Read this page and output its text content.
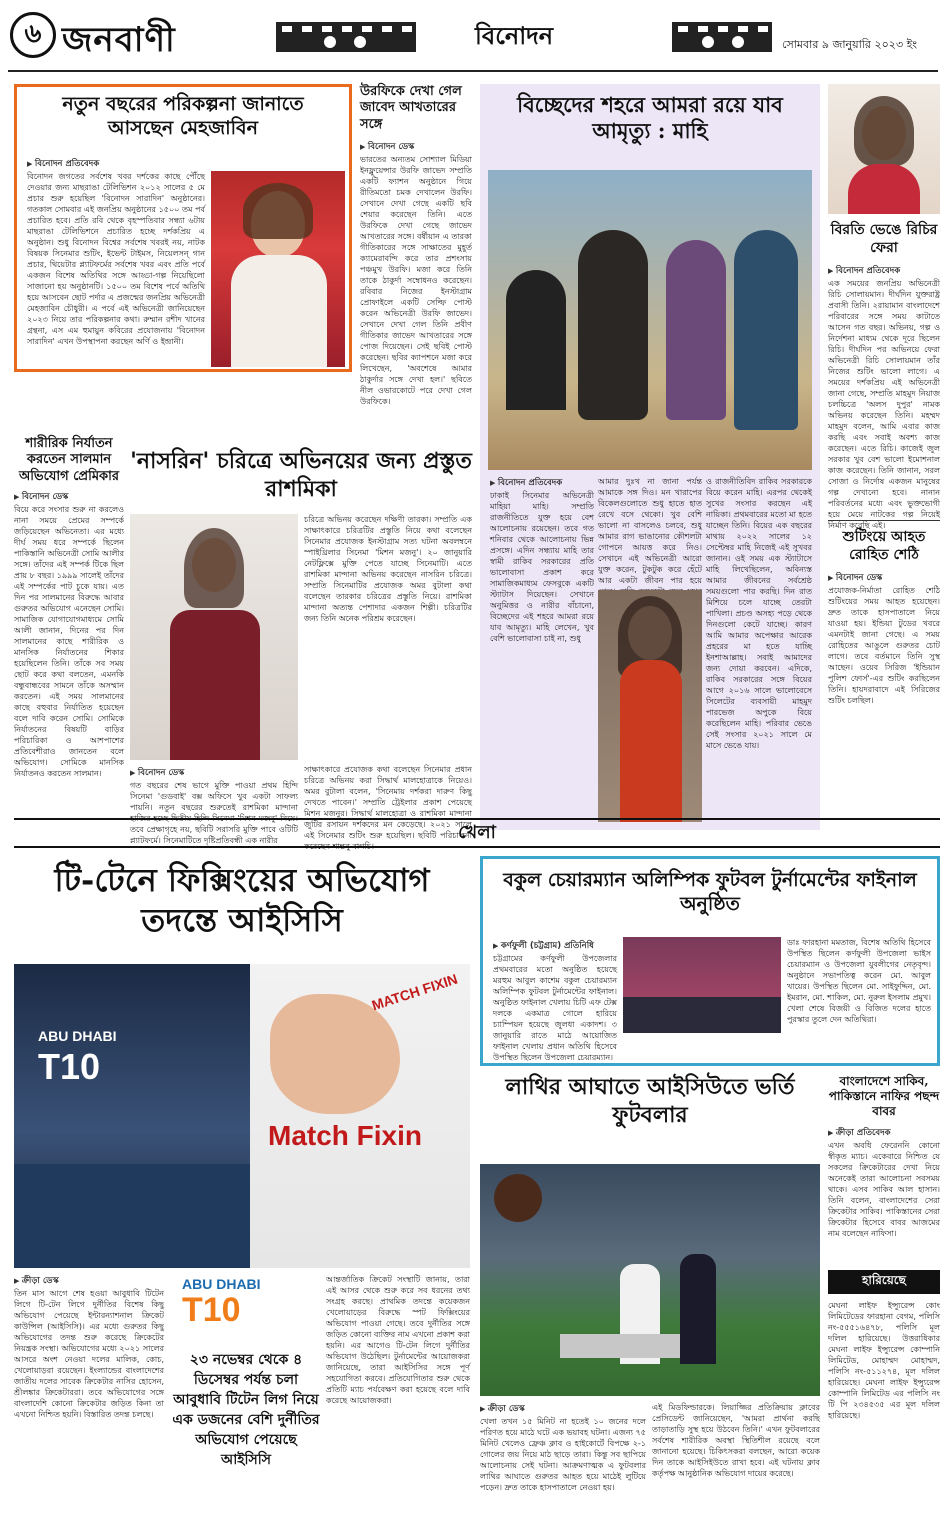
৬ জনবাণী	বিনোদন	সোমবার ৯ জানুয়ারি ২০২৩ ইং
নতুন বছরের পরিকল্পনা জানাতে আসছেন মেহজাবিন
▶ বিনোদন প্রতিবেদক
বিনোদন জগতের সর্বশেষ খবর দর্শকের কাছে পৌঁছে দেওয়ার জন্য মাছরাঙা টেলিভিশন ২০১২ সালের ৫ মে প্রচার শুরু হয়েছিল 'বিনোদন সারাদিন' অনুষ্ঠানের। গতকাল সোমবার এই জনপ্রিয় অনুষ্ঠানের ১৫০০ তম পর্ব প্রচারিত হবে। প্রতি রবি থেকে বৃহস্পতিবার সন্ধ্যা ৬টায় মাছরাঙা টেলিভিশনে প্রচারিত হচ্ছে দর্শকপ্রিয় এ অনুষ্ঠান। শুধু বিনোদন বিশ্বের সর্বশেষ খবরই নয়, নাটক বিষয়ক সিনেমার শুটিং, ইভেন্ট টাইমস, নিয়েলসন্‌ গান প্রচার, থিয়েটার প্ল্যাটফর্মের সর্বশেষ খবর এবং প্রতি পর্বে একজন বিশেষ অতিথির সঙ্গে আড্ডা-গল্প নিয়েছিলো সাজানো হয় অনুষ্ঠানটি। ১৫০০ তম বিশেষ পর্বে অতিথি হয়ে আসবেন ছোট পর্দার এ প্রজন্মের জনপ্রিয় অভিনেত্রী মেহজাবিন চৌধুরী। এ পর্বে এই অভিনেত্রী জানিয়েছেন ২০২৩ নিয়ে তার পরিকল্পনার কথা। রুম্মান রশীদ খানের গ্রন্থনা, এস এম হুমায়ুন কবিরের প্রযোজনায় 'বিনোদন সারাদিন' এখন উপস্থাপনা করছেন অর্ণি ও ইন্দ্রানী।
উরফিকে দেখা গেল জাবেদ আখতারের সঙ্গে
▶ বিনোদন ডেস্ক
ভারতের অন্যতম সোশ্যাল মিডিয়া ইনফ্লুয়েন্সার উরফি জাভেদ সম্প্রতি একটি ফ্যাশন অনুষ্ঠানে গিয়ে রীতিমতো চমক দেখালেন উরফি। সেখানে দেখা গেছে একটি ছবি শেয়ার করেছেন তিনি। এতে উরফিকে দেখা গেছে জাভেদ আখতারের সঙ্গে। বর্ষীয়ান এ তারকা গীতিকারের সঙ্গে সাক্ষাতের মুহূর্ত ক্যামেরাবন্দি করে তার প্রশংসায় পঞ্চমুখ উরফি। মজা করে তিনি তাকে ঠাকুর্দা সম্বোধনও করেছেন। রবিবার নিজের ইনস্টাগ্রাম প্রোফাইলে একটি সেল্ফি পোস্ট করেন অভিনেত্রী উরফি জাভেদ। সেখানে দেখা গেল তিনি প্রবীণ গীতিকার জাভেদ আখতারের সঙ্গে পোজ দিয়েছেন। সেই ছবিই পোস্ট করেছেন। ছবির ক্যাপশনে মজা করে লিখেছেন, 'অবশেষে আমার ঠাকুর্দার সঙ্গে দেখা হল।' ছবিতে নীল ওভারকোটে পরে দেখা গেল উরফিকে।
বিচ্ছেদের শহরে আমরা রয়ে যাব আমৃত্যু : মাহি
▶ বিনোদন প্রতিবেদক
ঢাকাই সিনেমার অভিনেত্রী মাহিয়া মাহি। সম্প্রতি রাজনীতিতে যুক্ত হয়ে বেশ আলোচনায় রয়েছেন। তবে গত শনিবার থেকে আলোচনায় ভিন্ন প্রসঙ্গে। এদিন সন্ধ্যায় মাহি তার স্বামী রাকিব সরকারের প্রতি ভালোবাসা প্রকাশ করে সামাজিকমাধ্যম ফেসবুকে একটি স্ট্যাটাস দিয়েছেন। সেখানে অনুমিত্তর ও নারীর বাঁচানো, বিচ্ছেদের এই শহরে আমরা রয়ে যাব আমৃত্যু। মাহি লেখেন, খুব বেশি ভালোবাসা চাই না, শুধু
আমার দুঃখ না জানা পর্যন্ত আমাকে সঙ্গ দিও। মন খারাপের বিকেলগুলোতে শুধু হাতে হাত রেখে বসে থেকো। খুব বেশি ভালো না বাসলেও চলবে, শুধু আমার রাগ ভাঙানোর কৌশলটা গোপনে আয়ত্ত করে নিও। সেখানে এই অভিনেত্রী আরো যুক্ত করেন, টুকটুক করে হেঁটে আর একটা জীবন পার হয়ে
ও রাজনীতিবিদ রাকিব সরকারকে বিয়ে করেন মাহি। এরপর থেকেই সুখের সংসার করছেন এই নায়িকা। প্রথমবারের মতো মা হতে যাচ্ছেন তিনি। বিয়ের এক বছরের মাথায় ২০২২ সালের ১২ সেপ্টেম্বর মাহি নিজেই এই সুখবর জানান। ওই সময় এক স্ট্যাটাসে মাহি লিখেছিলেন, অবিন্যস্ত আমার জীবনের সর্বশ্রেষ্ঠ সময়গুলো পার করছি। দিন রাত মিশিয়ে চলে যাচ্ছে তেরটা পাখিলা। প্রচণ্ড অসহ্য পড়ে থেকে দিনগুলো কেটে যাচ্ছে। কারণ আমি আমার অপেক্ষার আরেক প্রহরের মা হতে যাচ্ছি ইনশাআল্লাহ। সবাই আমাদের জন্য দোয়া করবেন। এদিকে, রাকিব সরকারের সঙ্গে বিয়ের আগে ২০১৬ সালে ভালোবেসে সিলেটের ব্যবসায়ী মাহমুদ পারভেজ অপুকে বিয়ে করেছিলেন মাহি। পরিবার ভেঙে সেই সংসার ২০২১ সালে মে মাসে ভেঙে যায়।
বিরতি ভেঙে রিচির ফেরা
▶ বিনোদন প্রতিবেদক
এক সময়ের জনপ্রিয় অভিনেত্রী রিচি সোলায়মান। দীর্ঘদিন যুক্তরাষ্ট্র প্রবাসী তিনি। ২রায়ামান বাংলাদেশে পরিবারের সঙ্গে সময় কাটাতে আসেন গত বছর। অভিনয়, গল্প ও নির্দেশনা মাধ্যম থেকে দূরে ছিলেন রিচি। দীর্ঘদিন পর অভিনয়ে ফেরা অভিনেত্রী রিচি সোলায়মান তাঁর নিজের শুটিং ভালো লাগে। এ সময়ের দর্শকপ্রিয় এই অভিনেত্রী জানা গেছে, সম্প্রতি মাহমুদ নিয়াজ চলচ্চিত্রে 'অলস দুপুর' নামক অভিনয় করেছেন তিনি। মহম্মদ মাহমুদ বলেন, আমি এবার কাজ করছি এবং সবাই অবশ্য কাজ করেছেন। এতে রিচি। কাজেই জুল সরকার খুব বেশ ভালো ইমোশনাল কাজ করেছেন। তিনি জানান, সরল সোজা ও নির্দোষ একজন মানুষের গল্প দেখানো হবে। নানান পরিবর্তনের মধ্যে এবং ভুক্তভোগী হয়ে মেয়ে নাটকের গল্প নিয়েই নির্মাণ করেছি এই।
শুটিংয়ে আহত রোহিত শেঠি
▶ বিনোদন ডেস্ক
প্রযোজক-নির্মাতা রোহিত শেঠি শুটিংয়ের সময় আহত হয়েছেন। দ্রুত তাকে হাসপাতালে নিয়ে যাওয়া হয়। ইন্ডিয়া টুডের খবরে এমনটাই জানা গেছে। এ সময় রোহিতের আঙুলে গুরুতর চোট লাগে। তবে বর্তমানে তিনি সুস্থ আছেন। ওয়েব সিরিজ 'ইন্ডিয়ান পুলিশ ফোর্স'-এর শুটিং করছিলেন তিনি। হায়দরাবাদে এই সিরিজের শুটিং চলছিল।
শারীরিক নির্যাতন করতেন সালমান অভিযোগ প্রেমিকার
▶ বিনোদন ডেস্ক
বিয়ে করে সংসার শুরু না করলেও নানা সময়ে প্রেমের সম্পর্কে জড়িয়েছেন অভিনেতা। এর মধ্যে দীর্ঘ সময় ধরে সম্পর্কে ছিলেন পাকিস্তানি অভিনেত্রী সোমি আলীর সঙ্গে। তাঁদের এই সম্পর্ক টিকে ছিল প্রায় ৮ বছর। ১৯৯৯ সালেই তাঁদের এই সম্পর্কের পাট চুকে যায়। এত দিন পর সালমানের বিরুদ্ধে আবার গুরুতর অভিযোগ এনেছেন সোমি। সামাজিক যোগাযোগমাধ্যমে সোমি আলী জানান, দিনের পর দিন সালমানের কাছে শারীরিক ও মানসিক নির্যাতনের শিকার হয়েছিলেন তিনি। তাঁকে সব সময় ছোট করে কথা বলতেন, এমনকি বন্ধুবান্ধবের সামনে তাঁকে অসম্মান করতেন। এই সময় সালমানের কাছে বহুবার নির্যাতিত হয়েছেন বলে দাবি করেন সোমি। সোমিকে নির্যাতনের বিষয়টি বাড়ির পরিচারিকা ও আশপাশের প্রতিবেশীরাও জানতেন বলে অভিযোগ। সোমিকে মানসিক নির্যাতনও করতেন সালমান।
'নাসরিন' চরিত্রে অভিনয়ের জন্য প্রস্তুত রাশমিকা
▶ বিনোদন ডেস্ক
চরিত্রে অভিনয় করেছেন দক্ষিণী তারকা। সম্প্রতি এক সাক্ষাৎকারে চরিত্রটির প্রস্তুতি নিয়ে কথা বলেছেন সিনেমার প্রযোজক ইনস্টাগ্রাম সত্য ঘটনা অবলম্বনে স্পাইথ্রিলার সিনেমা 'মিশন মজনু'। ২০ জানুয়ারি নেটফ্লিক্সে মুক্তি পেতে যাচ্ছে সিনেমাটি। এতে রাশমিকা মান্দানা অভিনয় করেছেন নাসরিন চরিত্রে। সম্প্রতি সিনেমাটির প্রযোজক অমর বুটালা কথা বলেছেন তারকার চরিত্রের প্রস্তুতি নিয়ে। রাশমিকা মান্দানা অত্যন্ত পেশাদার একজন শিল্পী। চরিত্রটির জন্য তিনি অনেক পরিশ্রম করেছেন।
গত বছরের শেষ ভাগে মুক্তি পাওয়া প্রথম হিন্দি সিনেমা 'গুডবাই' বক্স অফিসে খুব একটা সাফল্য পায়নি। নতুন বছরের শুরুতেই রাশমিকা মান্দানা হাজির হচ্ছে দ্বিতীয় হিন্দি সিনেমা 'মিশন মজনু' নিয়ে। তবে প্রেক্ষাগৃহে নয়, ছবিটি সরাসরি মুক্তি পাবে ওটিটি প্ল্যাটফর্মে। সিনেমাটিতে দৃষ্টিপ্রতিবন্ধী এক নারীর
সাক্ষাৎকারে প্রযোজক কথা বলেছেন সিনেমার প্রধান চরিত্রে অভিনয় করা সিদ্ধার্থ মালহোত্রাকে নিয়েও। অমর বুটালা বলেন, 'সিনেমায় দর্শকরা দারুণ কিছু দেখতে পাবেন।' সম্প্রতি ট্রেইলার প্রকাশ পেয়েছে মিশন মজনুর। সিদ্ধার্থ মালহোত্রা ও রাশমিকা মান্দানা জুটির রসায়ন দর্শকদের মন কেড়েছে। ২০২১ সালে এই সিনেমার শুটিং শুরু হয়েছিল। ছবিটি পরিচালনা করেছেন শান্তনু বাগচি।
খেলা
টি-টেনে ফিক্সিংয়ের অভিযোগ তদন্তে আইসিসি
ABU DHABI
T10
MATCH FIXIN
Match Fixin
▶ ক্রীড়া ডেস্ক
তিন মাস আগে শেষ হওয়া আবুধাবি টিটেন লিগে টি-টেন লিগে দুর্নীতির বিশেষ কিছু অভিযোগ পেয়েছে ইন্টারন্যাশনাল ক্রিকেট কাউন্সিল (আইসিসি)। এর মধ্যে গুরুতর কিছু অভিযোগের তদন্ত শুরু করেছে ক্রিকেটের নিয়ন্ত্রক সংস্থা। অভিযোগের মধ্যে ২০২১ সালের আসরে অংশ নেওয়া দলের মালিক, কোচ, খেলোয়াড়রা রয়েছেন। ইংল্যান্ডের বাংলাদেশের জাতীয় দলের সাবেক ক্রিকেটার নাসির হোসেন, শ্রীলঙ্কার ক্রিকেটাররা। তবে অভিযোগের সঙ্গে বাংলাদেশি কোনো ক্রিকেটার জড়িত কিনা তা এখনো নিশ্চিত হয়নি। বিস্তারিত তদন্ত চলছে।
ABU DHABI
T10
২৩ নভেম্বর থেকে ৪ ডিসেম্বর পর্যন্ত চলা আবুধাবি টিটেন লিগ নিয়ে এক ডজনের বেশি দুর্নীতির অভিযোগ পেয়েছে আইসিসি
আন্তর্জাতিক ক্রিকেট সংস্থাটি জানায়, তারা এই আসর থেকে শুরু করে সব ধরনের তথ্য সংগ্রহ করছে। প্রাথমিক তদন্তে কয়েকজন খেলোয়াড়ের বিরুদ্ধে স্পট ফিক্সিংয়ের অভিযোগ পাওয়া গেছে। তবে দুর্নীতির সঙ্গে জড়িত কোনো ব্যক্তির নাম এখনো প্রকাশ করা হয়নি। এর আগেও টি-টেন লিগে দুর্নীতির অভিযোগ উঠেছিল। টুর্নামেন্টের আয়োজকরা জানিয়েছে, তারা আইসিসির সঙ্গে পূর্ণ সহযোগিতা করবে। প্রতিযোগিতার শুরু থেকে প্রতিটি ম্যাচ পর্যবেক্ষণ করা হয়েছে বলে দাবি করেছে আয়োজকরা।
বকুল চেয়ারম্যান অলিম্পিক ফুটবল টুর্নামেন্টের ফাইনাল অনুষ্ঠিত
▶ কর্ণফুলী (চট্টগ্রাম) প্রতিনিধি
চট্টগ্রামের কর্ণফুলী উপজেলার প্রথমবারের মতো অনুষ্ঠিত হয়েছে মরহুম আবুল কাশেম বকুল চেয়ারম্যান অলিম্পিক ফুটবল টুর্নামেন্টের ফাইনাল। অনুষ্ঠিত ফাইনাল খেলায় চিটি এফ টেক্স দলকে একমাত্র গোলে হারিয়ে চ্যাম্পিয়ন হয়েছে জুলধা একাদশ। ৩ জানুয়ারি রাতে মাঠে আয়োজিত ফাইনাল খেলায় প্রধান অতিথি হিসেবে উপস্থিত ছিলেন উপজেলা চেয়ারম্যান।
ডাঃ ফারহানা মমতাজ, বিশেষ অতিথি হিসেবে উপস্থিত ছিলেন কর্ণফুলী উপজেলা ভাইস চেয়ারম্যান ও উপজেলা যুবলীগের নেতৃবৃন্দ। অনুষ্ঠানে সভাপতিত্ব করেন মো. আবুল খায়ের। উপস্থিত ছিলেন মো. সাইফুদ্দিন, মো. ইমরান, মো. শাকিল, মো. নুরুল ইসলাম প্রমুখ। খেলা শেষে বিজয়ী ও বিজিত দলের হাতে পুরস্কার তুলে দেন অতিথিরা।
লাথির আঘাতে আইসিউতে ভর্তি ফুটবলার
▶ ক্রীড়া ডেস্ক
খেলা তখন ১৫ মিনিট না হতেই ১০ জনের দলে পরিণত হয়ে মাঠে ঘটে এক ভয়াবহ ঘটনা। এজন্য ৭৫ মিনিট খেলেও ফ্রেঞ্চ ক্লাব ও হাইকোর্টে বিপক্ষে ২-১ গোলের জয় নিয়ে মাঠ ছাড়ে তারা। কিন্তু সব ছাপিয়ে আলোচনায় সেই ঘটনা। আক্রমণাত্মক এ ফুটবলার লাথির আঘাতে গুরুতর আহত হয়ে মাঠেই লুটিয়ে পড়েন। দ্রুত তাকে হাসপাতালে নেওয়া হয়।
এই মিডফিল্ডারকে। লিয়াজ্জির প্রতিক্রিয়ায় ক্লাবের প্রেসিডেন্ট জানিয়েছেন, 'আমরা প্রার্থনা করছি তাড়াতাড়ি সুস্থ হয়ে উঠবেন তিনি।' এখন ফুটবলারের সর্বশেষ শারীরিক অবস্থা স্থিতিশীল রয়েছে বলে জানানো হয়েছে। চিকিৎসকরা বলছেন, আরো কয়েক দিন তাকে আইসিইউতে রাখা হবে। এই ঘটনায় ক্লাব কর্তৃপক্ষ আনুষ্ঠানিক অভিযোগ দায়ের করেছে।
বাংলাদেশে সাকিব, পাকিস্তানে নাফির পছন্দ বাবর
▶ ক্রীড়া প্রতিবেদক
এখন অবধি ফেরেননি কোনো স্বীকৃত ম্যাচ। একেবারে নিশ্চিত যে সকলের ক্রিকেটারের দেখা নিয়ে অনেকেই তারা আলোচনা সবসময় থাকে। এসব সাকিব আল হাসান। তিনি বলেন, বাংলাদেশের সেরা ক্রিকেটার সাকিব। পাকিস্তানের সেরা ক্রিকেটার হিসেবে বাবর আজমের নাম বলেছেন নাফিসা।
হারিয়েছে
মেঘনা লাইফ ইন্স্যুরেন্স কোং লিমিটেডের ফারহানা বেগম, পলিসি নং-৫৫৫১৬৪৭৮, পলিসি মূল দলিল হারিয়েছে। উত্তরাধিকার মেঘনা লাইফ ইন্স্যুরেন্স কোম্পানি লিমিটেড, মোহাম্মদ মোহাম্মদ, পলিসি নং-৫১১২৭৪, মূল দলিল হারিয়েছে। মেঘনা লাইফ ইন্স্যুরেন্স কোম্পানি লিমিটেড এর পলিসি নং টি পি ২৩৪৫৩৫ এর মূল দলিল হারিয়েছে।
